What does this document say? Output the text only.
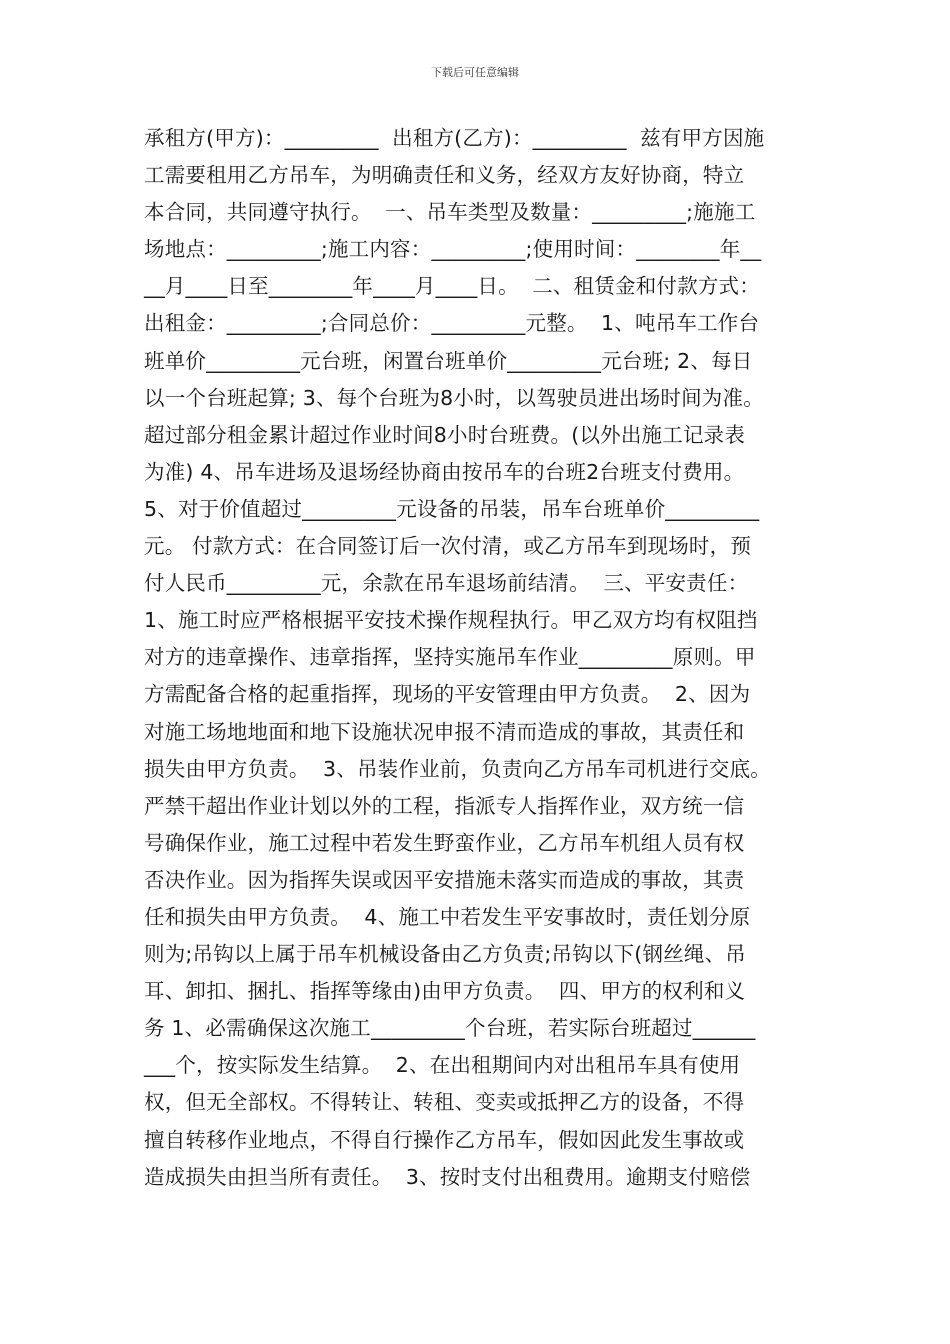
下载后可任意编辑
承租方(甲方)：_________  出租方(乙方)：_________  兹有甲方因施
工需要租用乙方吊车，为明确责任和义务，经双方友好协商，特立
本合同，共同遵守执行。  一、吊车类型及数量：_________;施施工
场地点：_________;施工内容：_________;使用时间：________年__
__月____日至________年____月____日。  二、租赁金和付款方式：
出租金：_________;合同总价：_________元整。  1、吨吊车工作台
班单价_________元台班，闲置台班单价_________元台班; 2、每日
以一个台班起算; 3、每个台班为8小时，以驾驶员进出场时间为准。
超过部分租金累计超过作业时间8小时台班费。(以外出施工记录表
为准) 4、吊车进场及退场经协商由按吊车的台班2台班支付费用。
5、对于价值超过_________元设备的吊装，吊车台班单价_________
元。 付款方式：在合同签订后一次付清，或乙方吊车到现场时，预
付人民币_________元，余款在吊车退场前结清。  三、平安责任：
1、施工时应严格根据平安技术操作规程执行。甲乙双方均有权阻挡
对方的违章操作、违章指挥，坚持实施吊车作业_________原则。甲
方需配备合格的起重指挥，现场的平安管理由甲方负责。  2、因为
对施工场地地面和地下设施状况申报不清而造成的事故，其责任和
损失由甲方负责。  3、吊装作业前，负责向乙方吊车司机进行交底。
严禁干超出作业计划以外的工程，指派专人指挥作业，双方统一信
号确保作业，施工过程中若发生野蛮作业，乙方吊车机组人员有权
否决作业。因为指挥失误或因平安措施未落实而造成的事故，其责
任和损失由甲方负责。  4、施工中若发生平安事故时，责任划分原
则为;吊钩以上属于吊车机械设备由乙方负责;吊钩以下(钢丝绳、吊
耳、卸扣、捆扎、指挥等缘由)由甲方负责。  四、甲方的权利和义
务 1、必需确保这次施工_________个台班，若实际台班超过______
___个，按实际发生结算。  2、在出租期间内对出租吊车具有使用
权，但无全部权。不得转让、转租、变卖或抵押乙方的设备，不得
擅自转移作业地点，不得自行操作乙方吊车，假如因此发生事故或
造成损失由担当所有责任。  3、按时支付出租费用。逾期支付赔偿
